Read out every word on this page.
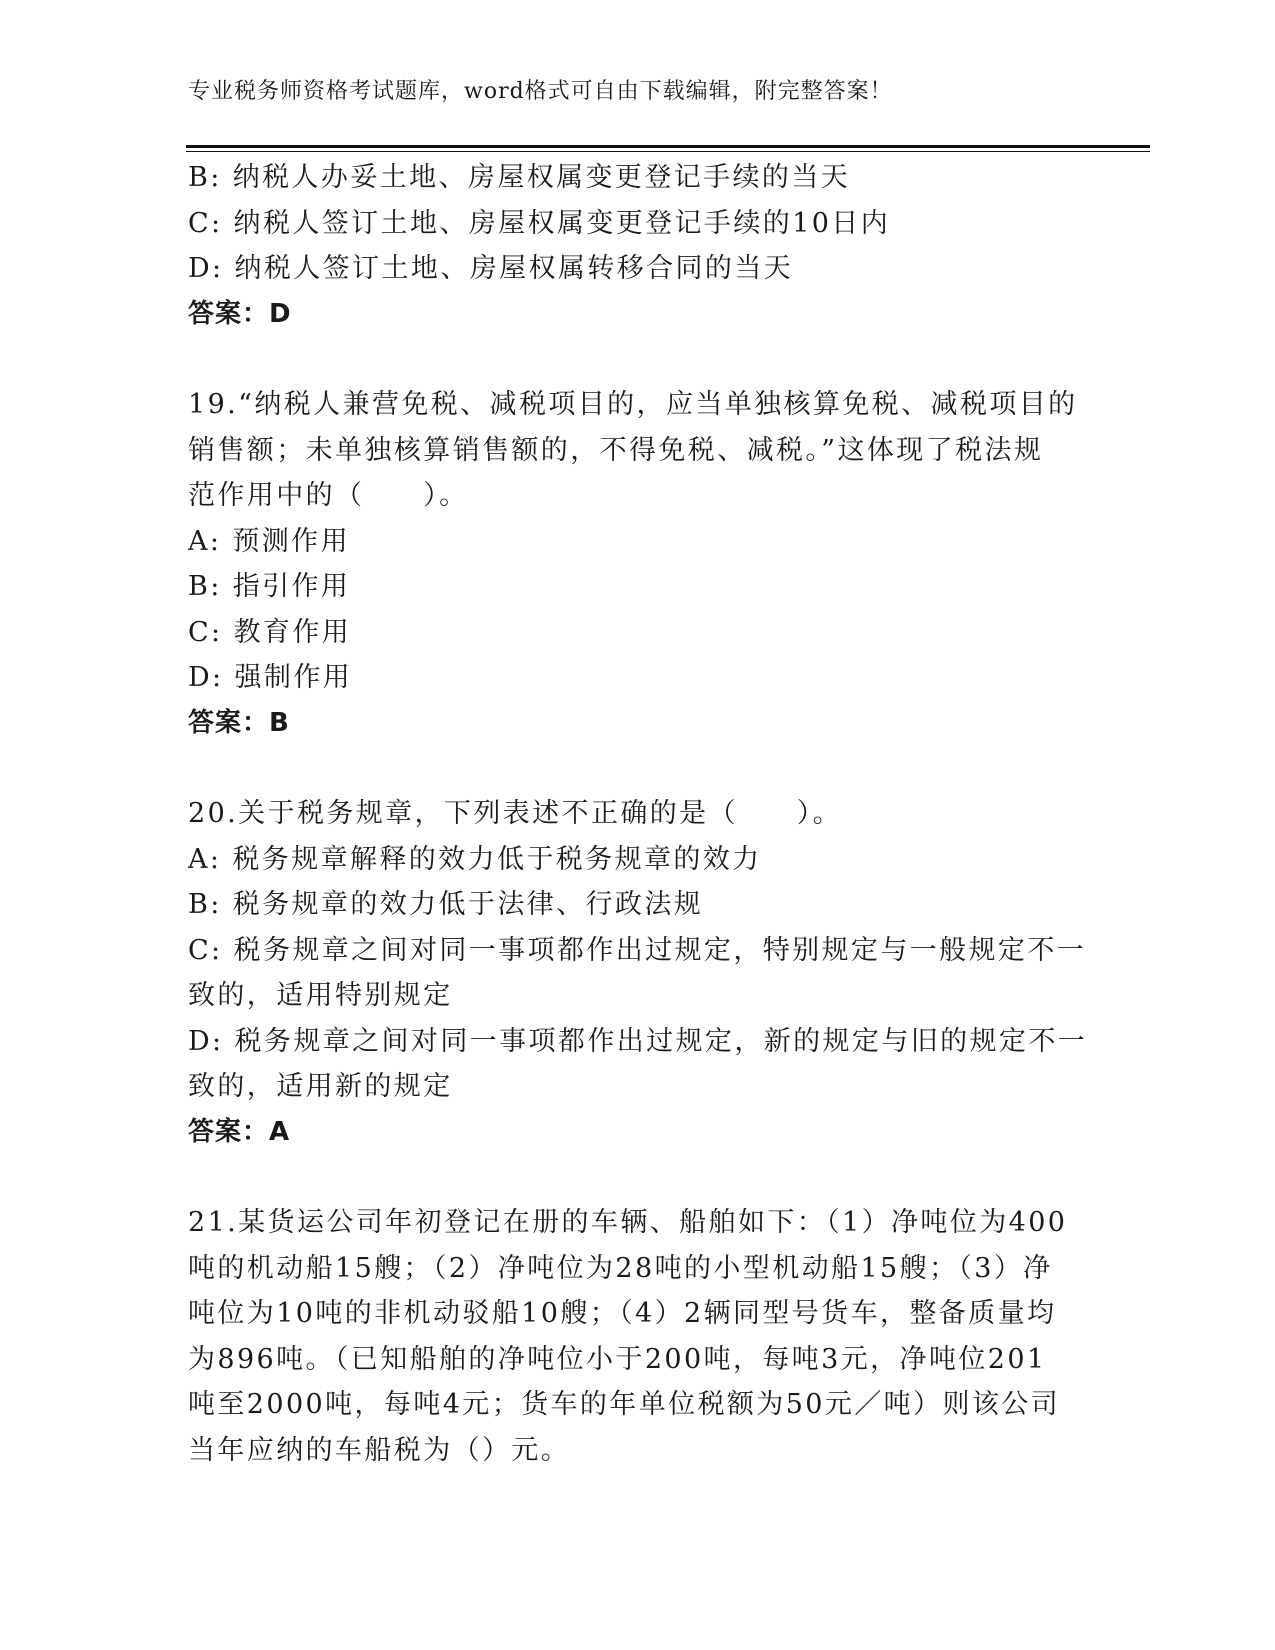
专业税务师资格考试题库，word格式可自由下载编辑，附完整答案！
B: 纳税人办妥土地、房屋权属变更登记手续的当天
C: 纳税人签订土地、房屋权属变更登记手续的10日内
D: 纳税人签订土地、房屋权属转移合同的当天
答案：D
19.“纳税人兼营免税、减税项目的，应当单独核算免税、减税项目的
销售额；未单独核算销售额的，不得免税、减税。”这体现了税法规
范作用中的（　　）。
A: 预测作用
B: 指引作用
C: 教育作用
D: 强制作用
答案：B
20.关于税务规章，下列表述不正确的是（　　）。
A: 税务规章解释的效力低于税务规章的效力
B: 税务规章的效力低于法律、行政法规
C: 税务规章之间对同一事项都作出过规定，特别规定与一般规定不一
致的，适用特别规定
D: 税务规章之间对同一事项都作出过规定，新的规定与旧的规定不一
致的，适用新的规定
答案：A
21.某货运公司年初登记在册的车辆、船舶如下：（1）净吨位为400
吨的机动船15艘；（2）净吨位为28吨的小型机动船15艘；（3）净
吨位为10吨的非机动驳船10艘；（4）2辆同型号货车，整备质量均
为896吨。（已知船舶的净吨位小于200吨，每吨3元，净吨位201
吨至2000吨，每吨4元；货车的年单位税额为50元／吨）则该公司
当年应纳的车船税为（）元。
